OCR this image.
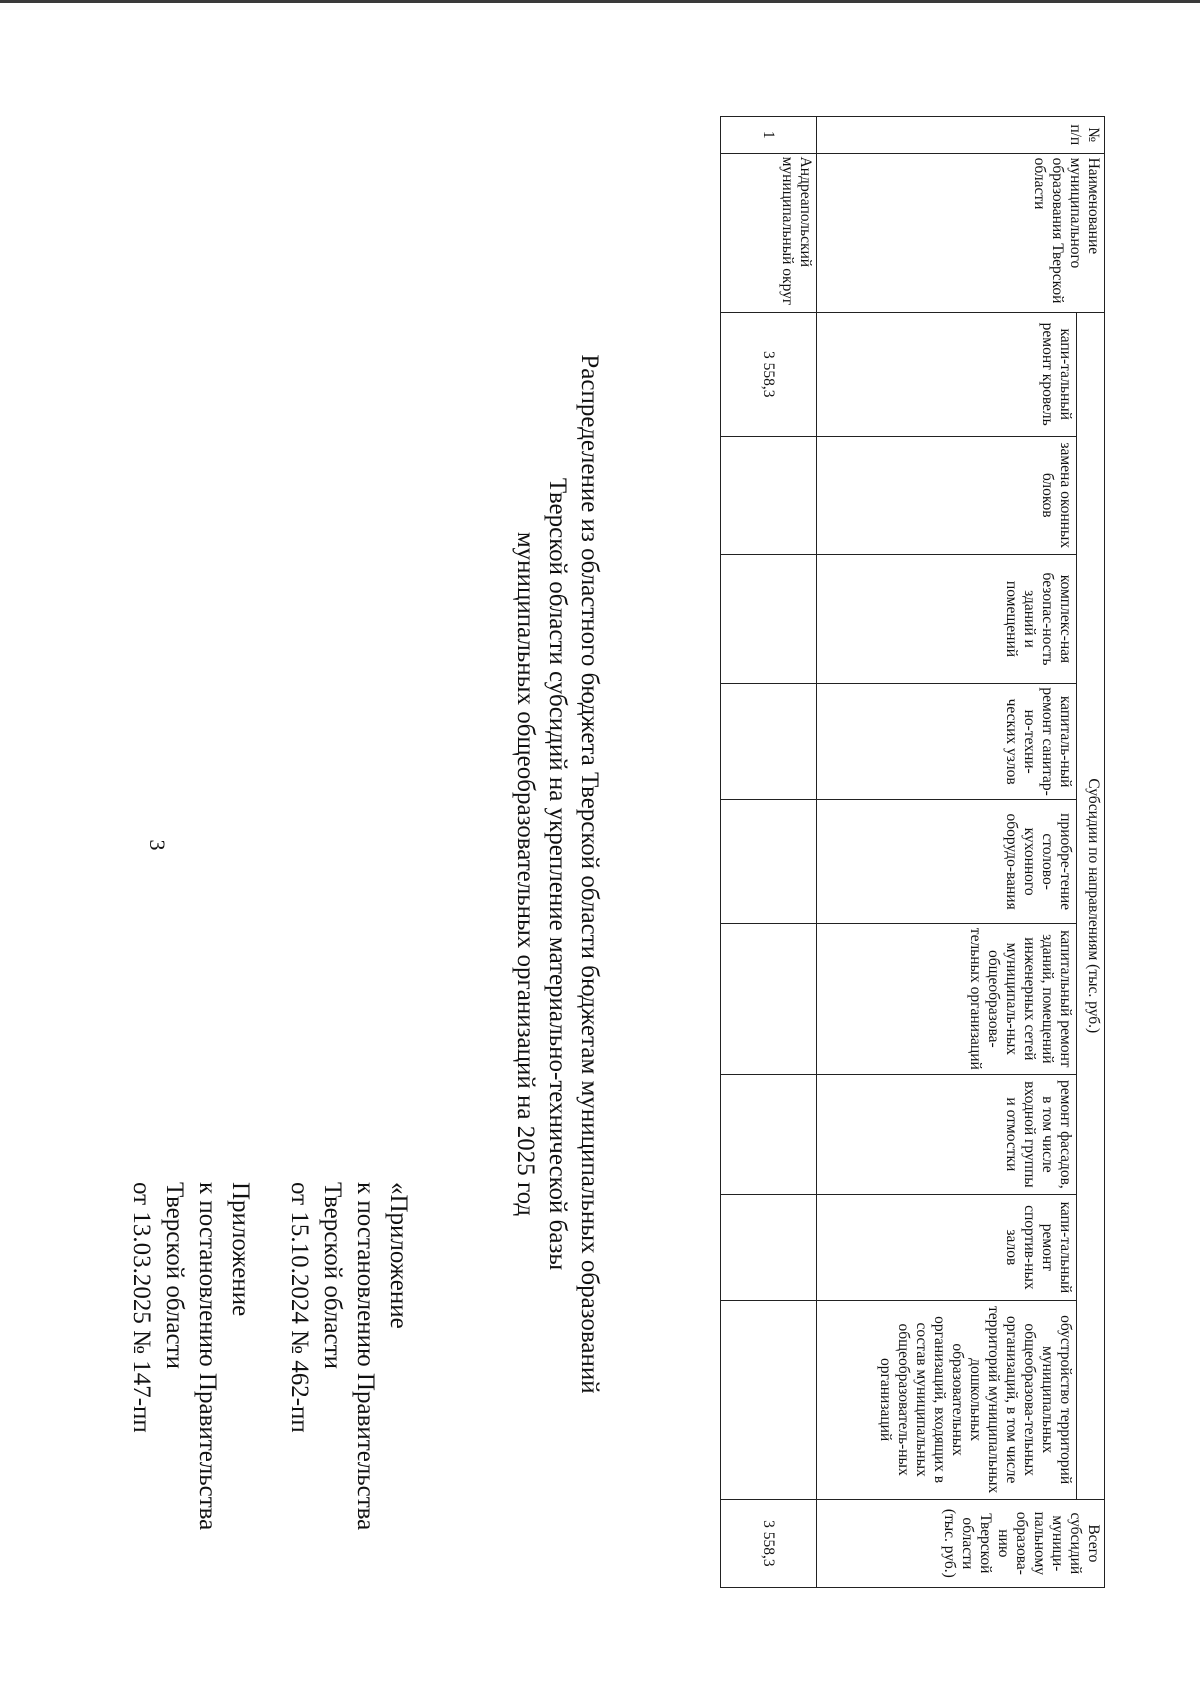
3
Приложение
к постановлению Правительства
Тверской области
от 13.03.2025 № 147-пп	«Приложение
к постановлению Правительства
Тверской области
от 15.10.2024 № 462-пп	Распределение из областного бюджета Тверской области бюджетам муниципальных образований
Тверской области субсидий на укрепление материально-технической базы
муниципальных общеобразовательных организаций на 2025 год
№ п/п	Наименование муниципального образования Тверской области	Субсидии по направлениям (тыс. руб.)									Всего субсидий муници-пальному образова-нию Тверской области (тыс. руб.)
		капи-тальный ремонт кровель	замена оконных блоков	комплекс-ная безопас-ность зданий и помещений	капиталь-ный ремонт санитар-но-техни-ческих узлов	приобре-тение столово-кухонного оборудо-вания	капитальный ремонт зданий, помещений инженерных сетей муниципаль-ных общеобразова-тельных организаций	ремонт фасадов, в том числе входной группы и отмостки	капи-тальный ремонт спортив-ных залов	обустройство территорий муниципальных общеобразова-тельных организаций, в том числе территорий муниципальных дошкольных образовательных организаций, входящих в состав муниципальных общеобразователь-ных организаций	
1	Андреапольский муниципальный округ	3 558,3									3 558,3
